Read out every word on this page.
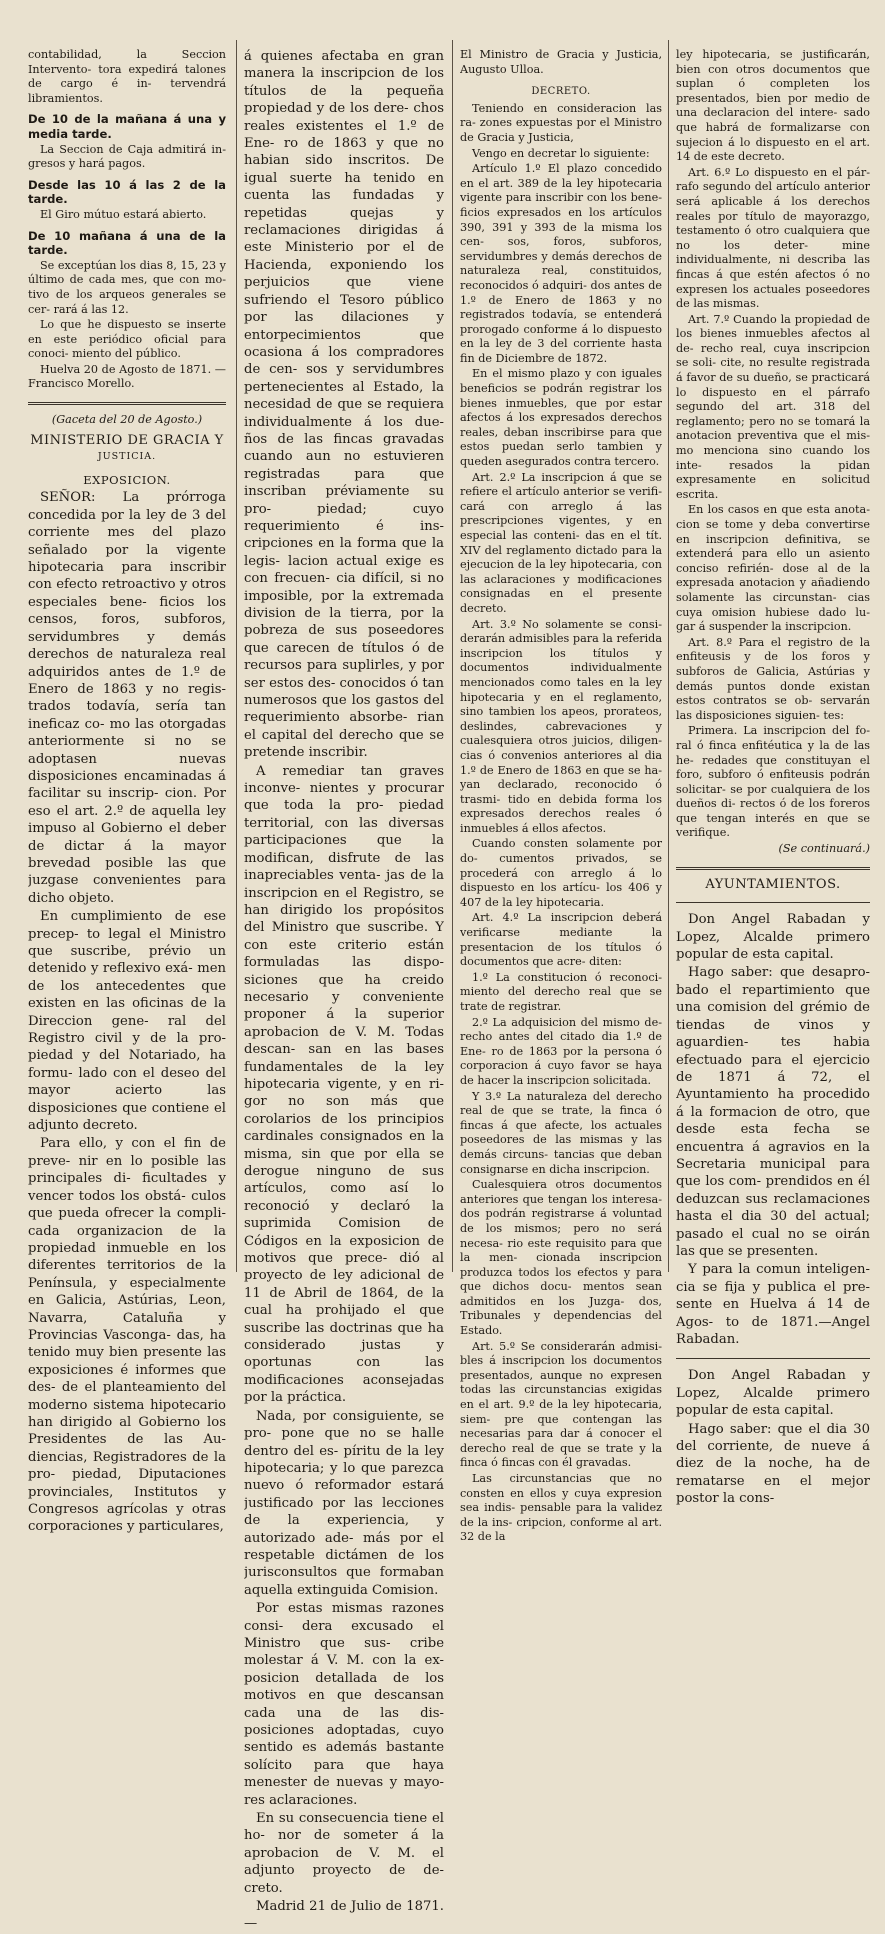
contabilidad, la Seccion Intervento- tora expedirá talones de cargo é in- tervendrá libramientos.

De 10 de la mañana á una y media tarde.

La Seccion de Caja admitirá in- gresos y hará pagos.

Desde las 10 á las 2 de la tarde.

El Giro mútuo estará abierto.

De 10 mañana á una de la tarde.

Se exceptúan los dias 8, 15, 23 y último de cada mes, que con mo- tivo de los arqueos generales se cer- rará á las 12.

Lo que he dispuesto se inserte en este periódico oficial para conoci- miento del público.

Huelva 20 de Agosto de 1871. —Francisco Morello.

(Gaceta del 20 de Agosto.)

MINISTERIO DE GRACIA Y
JUSTICIA.
EXPOSICION.

SEÑOR: La prórroga concedida por la ley de 3 del corriente mes del plazo señalado por la vigente hipotecaria para inscribir con efecto retroactivo y otros especiales bene- ficios los censos, foros, subforos, servidumbres y demás derechos de naturaleza real adquiridos antes de 1.º de Enero de 1863 y no regis- trados todavía, sería tan ineficaz co- mo las otorgadas anteriormente si no se adoptasen nuevas disposiciones encaminadas á facilitar su inscrip- cion. Por eso el art. 2.º de aquella ley impuso al Gobierno el deber de dictar á la mayor brevedad posible las que juzgase convenientes para dicho objeto.

En cumplimiento de ese precep- to legal el Ministro que suscribe, prévio un detenido y reflexivo exá- men de los antecedentes que existen en las oficinas de la Direccion gene- ral del Registro civil y de la pro- piedad y del Notariado, ha formu- lado con el deseo del mayor acierto las disposiciones que contiene el adjunto decreto.

Para ello, y con el fin de preve- nir en lo posible las principales di- ficultades y vencer todos los obstá- culos que pueda ofrecer la compli- cada organizacion de la propiedad inmueble en los diferentes territorios de la Península, y especialmente en Galicia, Astúrias, Leon, Navarra, Cataluña y Provincias Vasconga- das, ha tenido muy bien presente las exposiciones é informes que des- de el planteamiento del moderno sistema hipotecario han dirigido al Gobierno los Presidentes de las Au- diencias, Registradores de la pro- piedad, Diputaciones provinciales, Institutos y Congresos agrícolas y otras corporaciones y particulares,

á quienes afectaba en gran manera la inscripcion de los títulos de la pequeña propiedad y de los dere- chos reales existentes el 1.º de Ene- ro de 1863 y que no habian sido inscritos. De igual suerte ha tenido en cuenta las fundadas y repetidas quejas y reclamaciones dirigidas á este Ministerio por el de Hacienda, exponiendo los perjuicios que viene sufriendo el Tesoro público por las dilaciones y entorpecimientos que ocasiona á los compradores de cen- sos y servidumbres pertenecientes al Estado, la necesidad de que se requiera individualmente á los due- ños de las fincas gravadas cuando aun no estuvieren registradas para que inscriban préviamente su pro- piedad; cuyo requerimiento é ins- cripciones en la forma que la legis- lacion actual exige es con frecuen- cia difícil, si no imposible, por la extremada division de la tierra, por la pobreza de sus poseedores que carecen de títulos ó de recursos para suplirles, y por ser estos des- conocidos ó tan numerosos que los gastos del requerimiento absorbe- rian el capital del derecho que se pretende inscribir.

A remediar tan graves inconve- nientes y procurar que toda la pro- piedad territorial, con las diversas participaciones que la modifican, disfrute de las inapreciables venta- jas de la inscripcion en el Registro, se han dirigido los propósitos del Ministro que suscribe. Y con este criterio están formuladas las dispo- siciones que ha creido necesario y conveniente proponer á la superior aprobacion de V. M. Todas descan- san en las bases fundamentales de la ley hipotecaria vigente, y en ri- gor no son más que corolarios de los principios cardinales consignados en la misma, sin que por ella se derogue ninguno de sus artículos, como así lo reconoció y declaró la suprimida Comision de Códigos en la exposicion de motivos que prece- dió al proyecto de ley adicional de 11 de Abril de 1864, de la cual ha prohijado el que suscribe las doctrinas que ha considerado justas y oportunas con las modificaciones aconsejadas por la práctica.

Nada, por consiguiente, se pro- pone que no se halle dentro del es- píritu de la ley hipotecaria; y lo que parezca nuevo ó reformador estará justificado por las lecciones de la experiencia, y autorizado ade- más por el respetable dictámen de los jurisconsultos que formaban aquella extinguida Comision.

Por estas mismas razones consi- dera excusado el Ministro que sus- cribe molestar á V. M. con la ex- posicion detallada de los motivos en que descansan cada una de las dis- posiciones adoptadas, cuyo sentido es además bastante solícito para que haya menester de nuevas y mayo- res aclaraciones.

En su consecuencia tiene el ho- nor de someter á la aprobacion de V. M. el adjunto proyecto de de- creto.

Madrid 21 de Julio de 1871.—

El Ministro de Gracia y Justicia, Augusto Ulloa.

DECRETO.

Teniendo en consideracion las ra- zones expuestas por el Ministro de Gracia y Justicia,

Vengo en decretar lo siguiente:

Artículo 1.º El plazo concedido en el art. 389 de la ley hipotecaria vigente para inscribir con los bene- ficios expresados en los artículos 390, 391 y 393 de la misma los cen- sos, foros, subforos, servidumbres y demás derechos de naturaleza real, constituidos, reconocidos ó adquiri- dos antes de 1.º de Enero de 1863 y no registrados todavía, se entenderá prorogado conforme á lo dispuesto en la ley de 3 del corriente hasta fin de Diciembre de 1872.

En el mismo plazo y con iguales beneficios se podrán registrar los bienes inmuebles, que por estar afectos á los expresados derechos reales, deban inscribirse para que estos puedan serlo tambien y queden asegurados contra tercero.

Art. 2.º La inscripcion á que se refiere el artículo anterior se verifi- cará con arreglo á las prescripciones vigentes, y en especial las conteni- das en el tít. XIV del reglamento dictado para la ejecucion de la ley hipotecaria, con las aclaraciones y modificaciones consignadas en el presente decreto.

Art. 3.º No solamente se consi- derarán admisibles para la referida inscripcion los títulos y documentos individualmente mencionados como tales en la ley hipotecaria y en el reglamento, sino tambien los apeos, prorateos, deslindes, cabrevaciones y cualesquiera otros juicios, diligen- cias ó convenios anteriores al dia 1.º de Enero de 1863 en que se ha- yan declarado, reconocido ó trasmi- tido en debida forma los expresados derechos reales ó inmuebles á ellos afectos.

Cuando consten solamente por do- cumentos privados, se procederá con arreglo á lo dispuesto en los artícu- los 406 y 407 de la ley hipotecaria.

Art. 4.º La inscripcion deberá verificarse mediante la presentacion de los títulos ó documentos que acre- diten:

1.º La constitucion ó reconoci- miento del derecho real que se trate de registrar.

2.º La adquisicion del mismo de- recho antes del citado dia 1.º de Ene- ro de 1863 por la persona ó corporacion á cuyo favor se haya de hacer la inscripcion solicitada.

Y 3.º La naturaleza del derecho real de que se trate, la finca ó fincas á que afecte, los actuales poseedores de las mismas y las demás circuns- tancias que deban consignarse en dicha inscripcion.

Cualesquiera otros documentos anteriores que tengan los interesa- dos podrán registrarse á voluntad de los mismos; pero no será necesa- rio este requisito para que la men- cionada inscripcion produzca todos los efectos y para que dichos docu- mentos sean admitidos en los Juzga- dos, Tribunales y dependencias del Estado.

Art. 5.º Se considerarán admisi- bles á inscripcion los documentos presentados, aunque no expresen todas las circunstancias exigidas en el art. 9.º de la ley hipotecaria, siem- pre que contengan las necesarias para dar á conocer el derecho real de que se trate y la finca ó fincas con él gravadas.

Las circunstancias que no consten en ellos y cuya expresion sea indis- pensable para la validez de la ins- cripcion, conforme al art. 32 de la

ley hipotecaria, se justificarán, bien con otros documentos que suplan ó completen los presentados, bien por medio de una declaracion del intere- sado que habrá de formalizarse con sujecion á lo dispuesto en el art. 14 de este decreto.

Art. 6.º Lo dispuesto en el pár- rafo segundo del artículo anterior será aplicable á los derechos reales por título de mayorazgo, testamento ó otro cualquiera que no los deter- mine individualmente, ni describa las fincas á que estén afectos ó no expresen los actuales poseedores de las mismas.

Art. 7.º Cuando la propiedad de los bienes inmuebles afectos al de- recho real, cuya inscripcion se soli- cite, no resulte registrada á favor de su dueño, se practicará lo dispuesto en el párrafo segundo del art. 318 del reglamento; pero no se tomará la anotacion preventiva que el mis- mo menciona sino cuando los inte- resados la pidan expresamente en solicitud escrita.

En los casos en que esta anota- cion se tome y deba convertirse en inscripcion definitiva, se extenderá para ello un asiento conciso refirién- dose al de la expresada anotacion y añadiendo solamente las circunstan- cias cuya omision hubiese dado lu- gar á suspender la inscripcion.

Art. 8.º Para el registro de la enfiteusis y de los foros y subforos de Galicia, Astúrias y demás puntos donde existan estos contratos se ob- servarán las disposiciones siguien- tes:

Primera. La inscripcion del fo- ral ó finca enfitéutica y la de las he- redades que constituyan el foro, subforo ó enfiteusis podrán solicitar- se por cualquiera de los dueños di- rectos ó de los foreros que tengan interés en que se verifique.

(Se continuará.)

AYUNTAMIENTOS.

Don Angel Rabadan y Lopez, Alcalde primero popular de esta capital.

Hago saber: que desapro- bado el repartimiento que una comision del grémio de tiendas de vinos y aguardien- tes habia efectuado para el ejercicio de 1871 á 72, el Ayuntamiento ha procedido á la formacion de otro, que desde esta fecha se encuentra á agravios en la Secretaria municipal para que los com- prendidos en él deduzcan sus reclamaciones hasta el dia 30 del actual; pasado el cual no se oirán las que se presenten.

Y para la comun inteligen- cia se fija y publica el pre- sente en Huelva á 14 de Agos- to de 1871.—Angel Rabadan.

Don Angel Rabadan y Lopez, Alcalde primero popular de esta capital.

Hago saber: que el dia 30 del corriente, de nueve á diez de la noche, ha de rematarse en el mejor postor la cons-
